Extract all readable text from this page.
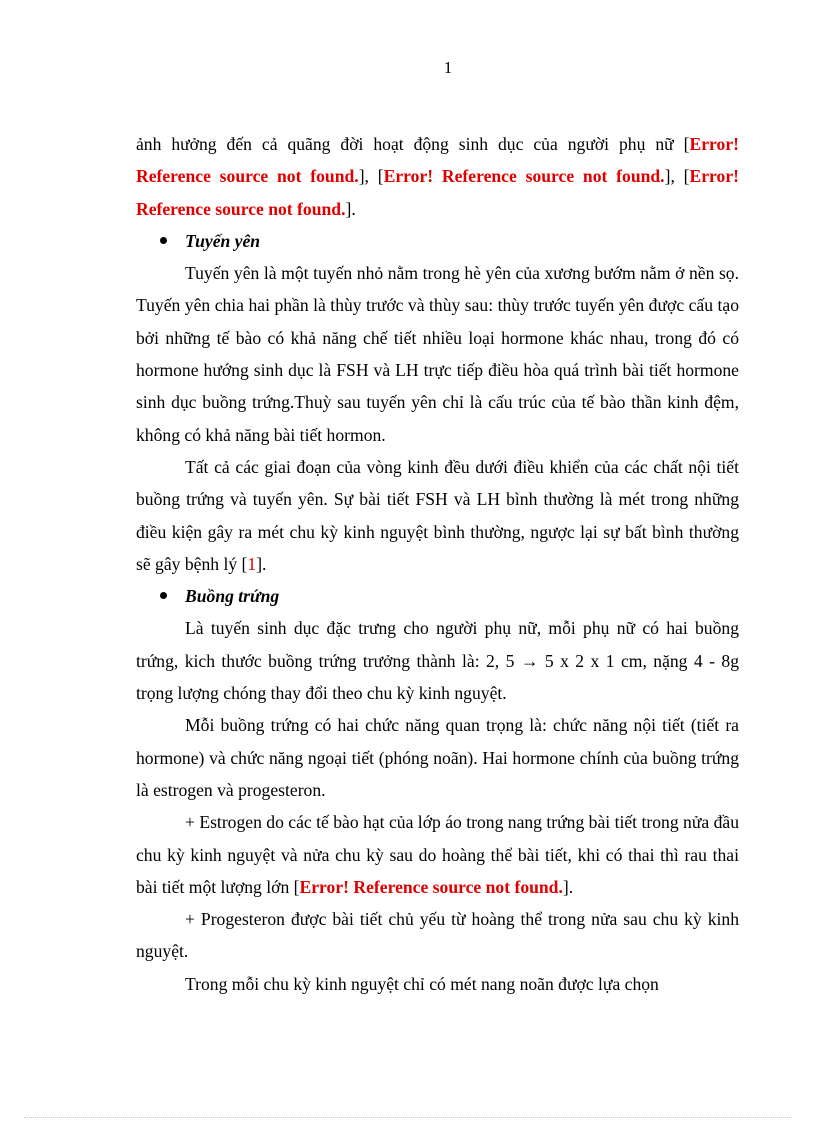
1

ảnh hưởng đến cả quãng đời hoạt động sinh dục của người phụ nữ [Error! Reference source not found.], [Error! Reference source not found.], [Error! Reference source not found.].

Tuyến yên

Tuyến yên là một tuyến nhỏ nằm trong hè yên của xương bướm nằm ở nền sọ. Tuyến yên chia hai phần là thùy trước và thùy sau: thùy trước tuyến yên được cấu tạo bởi những tế bào có khả năng chế tiết nhiều loại hormone khác nhau, trong đó có hormone hướng sinh dục là FSH và LH trực tiếp điều hòa quá trình bài tiết hormone sinh dục buồng trứng.Thuỳ sau tuyến yên chỉ là cấu trúc của tế bào thần kinh đệm, không có khả năng bài tiết hormon.

Tất cả các giai đoạn của vòng kinh đều dưới điều khiển của các chất nội tiết buồng trứng và tuyến yên. Sự bài tiết FSH và LH bình thường là mét trong những điều kiện gây ra mét chu kỳ kinh nguyệt bình thường, ngược lại sự bất bình thường sẽ gây bệnh lý [1].

Buồng trứng

Là tuyến sinh dục đặc trưng cho người phụ nữ, mỗi phụ nữ có hai buồng trứng, kich thước buồng trứng trưởng thành là: 2, 5 → 5 x 2 x 1 cm, nặng 4 - 8g trọng lượng chóng thay đổi theo chu kỳ kinh nguyệt.

Mỗi buồng trứng có hai chức năng quan trọng là: chức năng nội tiết (tiết ra hormone) và chức năng ngoại tiết (phóng noãn). Hai hormone chính của buồng trứng là estrogen và progesteron.

+ Estrogen do các tế bào hạt của lớp áo trong nang trứng bài tiết trong nửa đầu chu kỳ kinh nguyệt và nửa chu kỳ sau do hoàng thể bài tiết, khi có thai thì rau thai bài tiết một lượng lớn [Error! Reference source not found.].

+ Progesteron được bài tiết chủ yếu từ hoàng thể trong nửa sau chu kỳ kinh nguyệt.

Trong mỗi chu kỳ kinh nguyệt chỉ có mét nang noãn được lựa chọn
